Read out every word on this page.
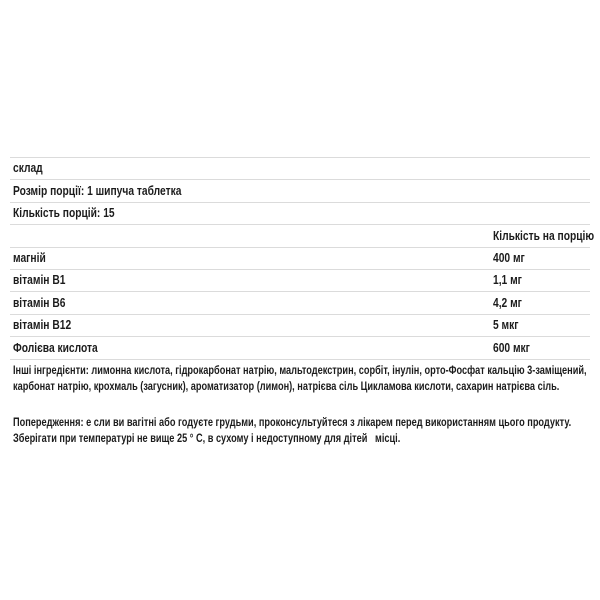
склад
Розмір порції: 1 шипуча таблетка
Кількість порцій: 15
Кількість на порцію
магній	400 мг
вітамін B1	1,1 мг
вітамін B6	4,2 мг
вітамін B12	5 мкг
Фолієва кислота	600 мкг
Інші інгредієнти: лимонна кислота, гідрокарбонат натрію, мальтодекстрин, сорбіт, інулін, орто-Фосфат кальцію 3-заміщений, карбонат натрію, крохмаль (загусник), ароматизатор (лимон), натрієва сіль Цикламова кислоти, сахарин натрієва сіль.
Попередження: е сли ви вагітні або годуєте грудьми, проконсультуйтеся з лікарем перед використанням цього продукту. Зберігати при температурі не вище 25 ° C, в сухому і недоступному для дітей   місці.
